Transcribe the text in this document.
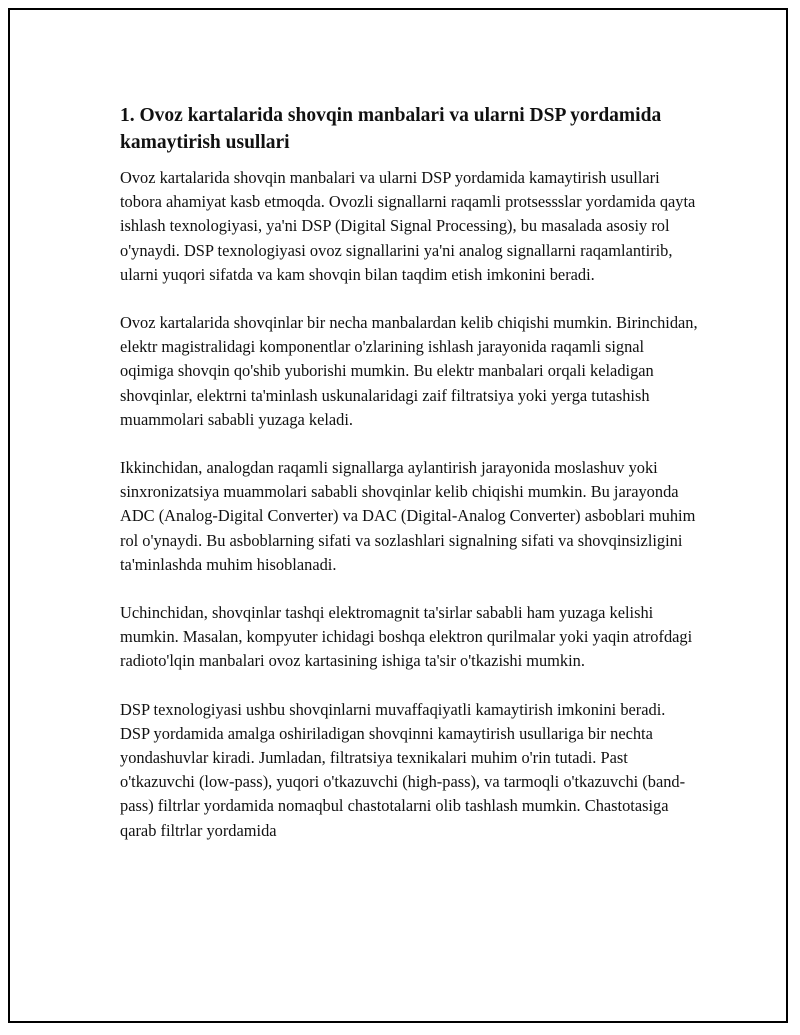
1. Ovoz kartalarida shovqin manbalari va ularni DSP yordamida kamaytirish usullari

Ovoz kartalarida shovqin manbalari va ularni DSP yordamida kamaytirish usullari tobora ahamiyat kasb etmoqda. Ovozli signallarni raqamli protsessslar yordamida qayta ishlash texnologiyasi, ya'ni DSP (Digital Signal Processing), bu masalada asosiy rol o'ynaydi. DSP texnologiyasi ovoz signallarini ya'ni analog signallarni raqamlantirib, ularni yuqori sifatda va kam shovqin bilan taqdim etish imkonini beradi.

Ovoz kartalarida shovqinlar bir necha manbalardan kelib chiqishi mumkin. Birinchidan, elektr magistralidagi komponentlar o'zlarining ishlash jarayonida raqamli signal oqimiga shovqin qo'shib yuborishi mumkin. Bu elektr manbalari orqali keladigan shovqinlar, elektrni ta'minlash uskunalaridagi zaif filtratsiya yoki yerga tutashish muammolari sababli yuzaga keladi.

Ikkinchidan, analogdan raqamli signallarga aylantirish jarayonida moslashuv yoki sinxronizatsiya muammolari sababli shovqinlar kelib chiqishi mumkin. Bu jarayonda ADC (Analog-Digital Converter) va DAC (Digital-Analog Converter) asboblari muhim rol o'ynaydi. Bu asboblarning sifati va sozlashlari signalning sifati va shovqinsizligini ta'minlashda muhim hisoblanadi.

Uchinchidan, shovqinlar tashqi elektromagnit ta'sirlar sababli ham yuzaga kelishi mumkin. Masalan, kompyuter ichidagi boshqa elektron qurilmalar yoki yaqin atrofdagi radioto'lqin manbalari ovoz kartasining ishiga ta'sir o'tkazishi mumkin.

DSP texnologiyasi ushbu shovqinlarni muvaffaqiyatli kamaytirish imkonini beradi. DSP yordamida amalga oshiriladigan shovqinni kamaytirish usullariga bir nechta yondashuvlar kiradi. Jumladan, filtratsiya texnikalari muhim o'rin tutadi. Past o'tkazuvchi (low-pass), yuqori o'tkazuvchi (high-pass), va tarmoqli o'tkazuvchi (band-pass) filtrlar yordamida nomaqbul chastotalarni olib tashlash mumkin. Chastotasiga qarab filtrlar yordamida
